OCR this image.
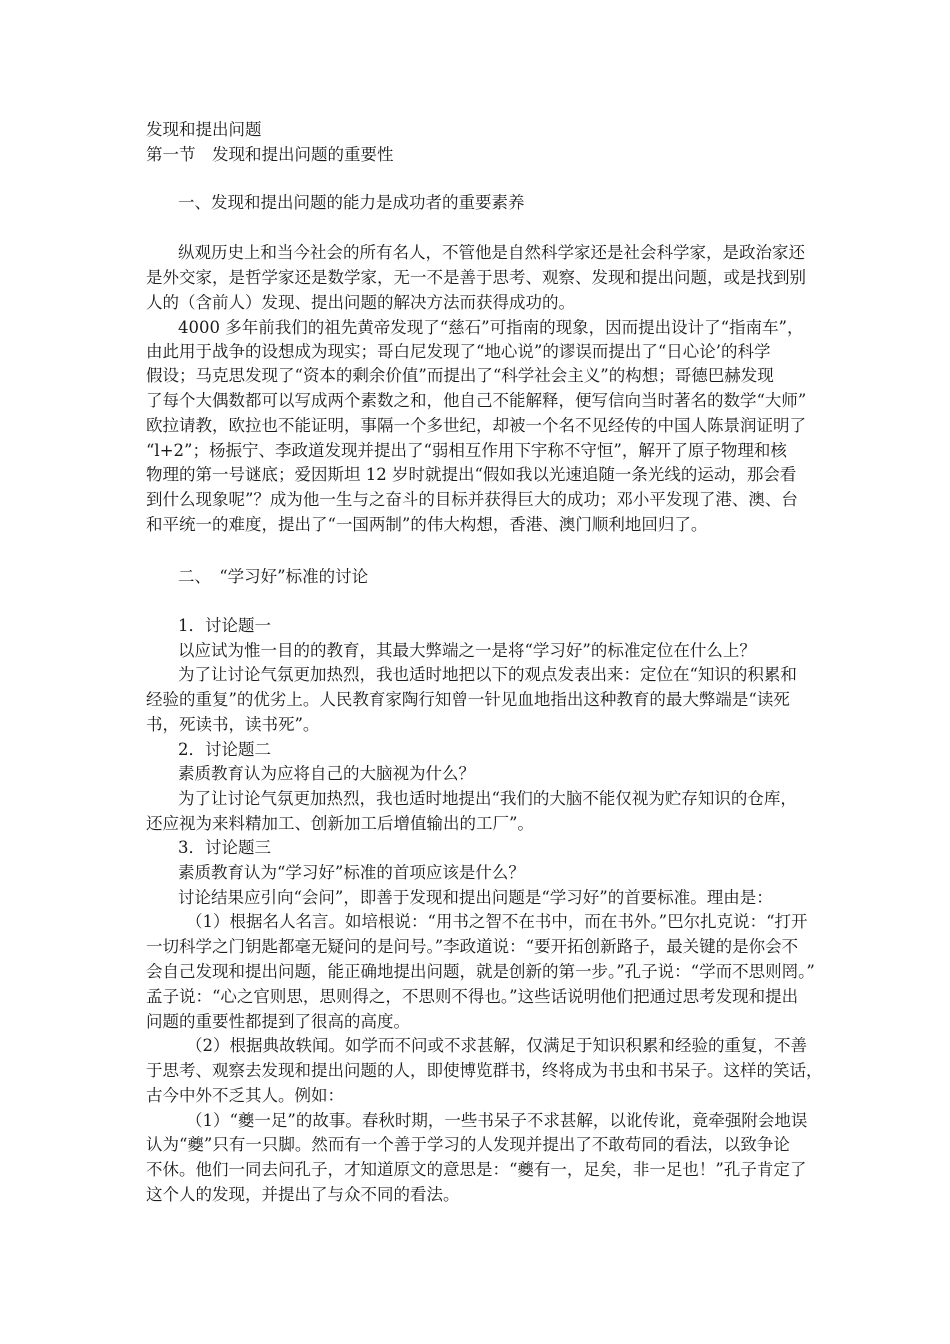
发现和提出问题
第一节　发现和提出问题的重要性
一、发现和提出问题的能力是成功者的重要素养
纵观历史上和当今社会的所有名人，不管他是自然科学家还是社会科学家，是政治家还
是外交家，是哲学家还是数学家，无一不是善于思考、观察、发现和提出问题，或是找到别
人的（含前人）发现、提出问题的解决方法而获得成功的。
4000 多年前我们的祖先黄帝发现了“慈石”可指南的现象，因而提出设计了“指南车”，
由此用于战争的设想成为现实；哥白尼发现了“地心说”的谬误而提出了“日心论’的科学
假设；马克思发现了“资本的剩余价值”而提出了“科学社会主义”的构想；哥德巴赫发现
了每个大偶数都可以写成两个素数之和，他自己不能解释，便写信向当时著名的数学“大师”
欧拉请教，欧拉也不能证明，事隔一个多世纪，却被一个名不见经传的中国人陈景润证明了
“l+2”；杨振宁、李政道发现并提出了“弱相互作用下宇称不守恒”，解开了原子物理和核
物理的第一号谜底；爱因斯坦 12 岁时就提出“假如我以光速追随一条光线的运动，那会看
到什么现象呢”？成为他一生与之奋斗的目标并获得巨大的成功；邓小平发现了港、澳、台
和平统一的难度，提出了“一国两制”的伟大构想，香港、澳门顺利地回归了。
二、　“学习好”标准的讨论
1．讨论题一
以应试为惟一目的的教育，其最大弊端之一是将“学习好”的标准定位在什么上？
为了让讨论气氛更加热烈，我也适时地把以下的观点发表出来：定位在“知识的积累和
经验的重复”的优劣上。人民教育家陶行知曾一针见血地指出这种教育的最大弊端是“读死
书，死读书，读书死”。
2．讨论题二
素质教育认为应将自己的大脑视为什么？
为了让讨论气氛更加热烈，我也适时地提出“我们的大脑不能仅视为贮存知识的仓库，
还应视为来料精加工、创新加工后增值输出的工厂”。
3．讨论题三
素质教育认为“学习好”标准的首项应该是什么？
讨论结果应引向“会问”，即善于发现和提出问题是“学习好”的首要标准。理由是：
（1）根据名人名言。如培根说：“用书之智不在书中，而在书外。”巴尔扎克说：“打开
一切科学之门钥匙都毫无疑问的是问号。”李政道说：“要开拓创新路子，最关键的是你会不
会自己发现和提出问题，能正确地提出问题，就是创新的第一步。”孔子说：“学而不思则罔。”
孟子说：“心之官则思，思则得之，不思则不得也。”这些话说明他们把通过思考发现和提出
问题的重要性都提到了很高的高度。
（2）根据典故轶闻。如学而不问或不求甚解，仅满足于知识积累和经验的重复，不善
于思考、观察去发现和提出问题的人，即使博览群书，终将成为书虫和书呆子。这样的笑话，
古今中外不乏其人。例如：
（1）“夔一足”的故事。春秋时期，一些书呆子不求甚解，以讹传讹，竟牵强附会地误
认为“夔”只有一只脚。然而有一个善于学习的人发现并提出了不敢苟同的看法，以致争论
不休。他们一同去问孔子，才知道原文的意思是：“夔有一，足矣，非一足也！”孔子肯定了
这个人的发现，并提出了与众不同的看法。
